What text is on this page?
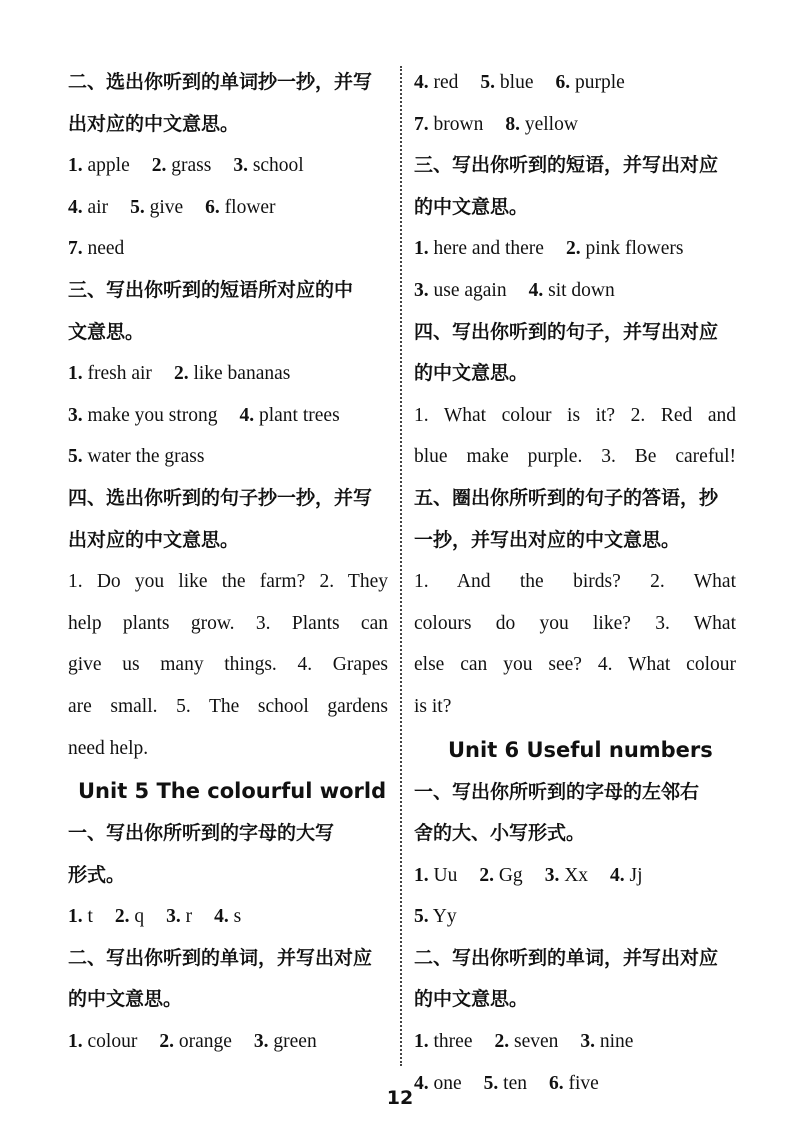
二、选出你听到的单词抄一抄，并写
出对应的中文意思。
1. apple 2. grass 3. school
4. air 5. give 6. flower
7. need
三、写出你听到的短语所对应的中
文意思。
1. fresh air 2. like bananas
3. make you strong 4. plant trees
5. water the grass
四、选出你听到的句子抄一抄，并写
出对应的中文意思。
1. Do you like the farm? 2. They
help plants grow. 3. Plants can
give us many things. 4. Grapes
are small. 5. The school gardens
need help.
Unit 5 The colourful world
一、写出你所听到的字母的大写
形式。
1. t 2. q 3. r 4. s
二、写出你听到的单词，并写出对应
的中文意思。
1. colour 2. orange 3. green
4. red 5. blue 6. purple
7. brown 8. yellow
三、写出你听到的短语，并写出对应
的中文意思。
1. here and there 2. pink flowers
3. use again 4. sit down
四、写出你听到的句子，并写出对应
的中文意思。
1. What colour is it? 2. Red and
blue make purple. 3. Be careful!
五、圈出你所听到的句子的答语，抄
一抄，并写出对应的中文意思。
1. And the birds? 2. What
colours do you like? 3. What
else can you see? 4. What colour
is it?
Unit 6 Useful numbers
一、写出你所听到的字母的左邻右
舍的大、小写形式。
1. Uu 2. Gg 3. Xx 4. Jj
5. Yy
二、写出你听到的单词，并写出对应
的中文意思。
1. three 2. seven 3. nine
4. one 5. ten 6. five
12
